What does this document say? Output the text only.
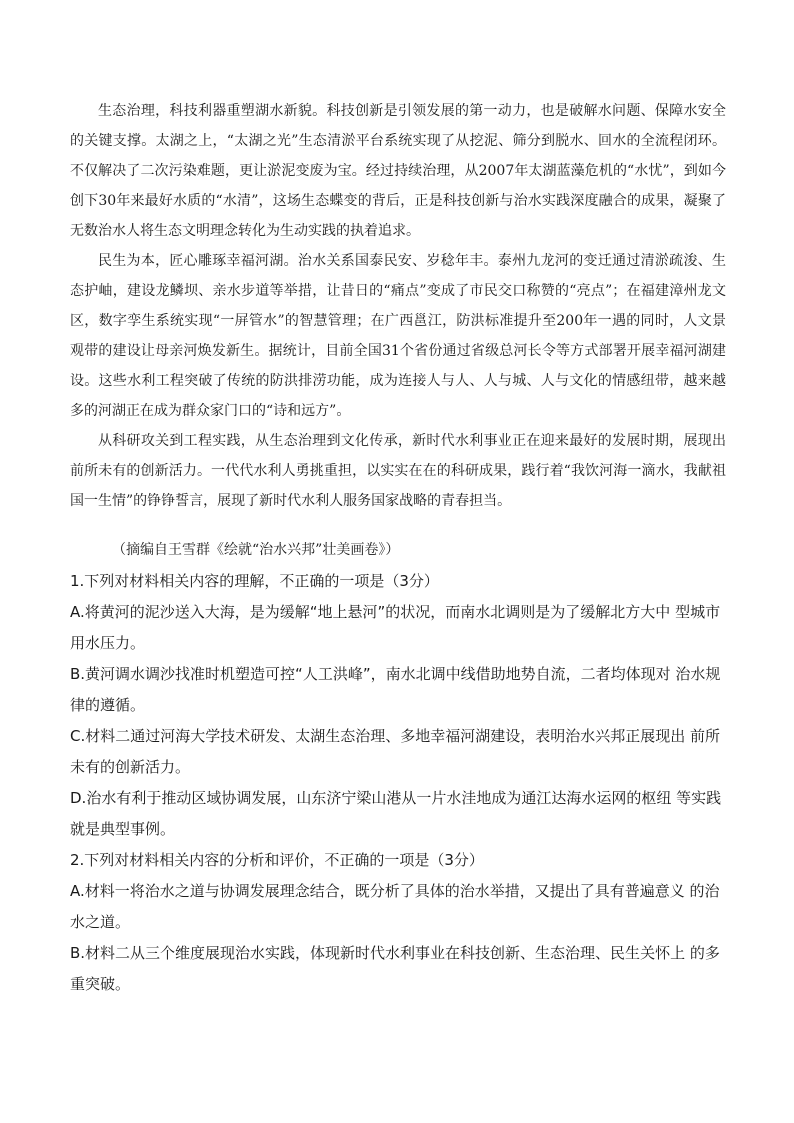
生态治理，科技利器重塑湖水新貌。科技创新是引领发展的第一动力，也是破解水问题、保障水安全的关键支撑。太湖之上，“太湖之光”生态清淤平台系统实现了从挖泥、筛分到脱水、回水的全流程闭环。不仅解决了二次污染难题，更让淤泥变废为宝。经过持续治理，从2007年太湖蓝藻危机的“水忧”，到如今创下30年来最好水质的“水清”，这场生态蝶变的背后，正是科技创新与治水实践深度融合的成果，凝聚了无数治水人将生态文明理念转化为生动实践的执着追求。

民生为本，匠心雕琢幸福河湖。治水关系国泰民安、岁稔年丰。泰州九龙河的变迁通过清淤疏浚、生态护岫，建设龙鳞坝、亲水步道等举措，让昔日的“痛点”变成了市民交口称赞的“亮点”；在福建漳州龙文区，数字孪生系统实现“一屏管水”的智慧管理；在广西邕江，防洪标准提升至200年一遇的同时，人文景观带的建设让母亲河焕发新生。据统计，目前全国31个省份通过省级总河长令等方式部署开展幸福河湖建设。这些水利工程突破了传统的防洪排涝功能，成为连接人与人、人与城、人与文化的情感纽带，越来越多的河湖正在成为群众家门口的“诗和远方”。

从科研攻关到工程实践，从生态治理到文化传承，新时代水利事业正在迎来最好的发展时期，展现出前所未有的创新活力。一代代水利人勇挑重担，以实实在在的科研成果，践行着“我饮河海一滴水，我献祖国一生情”的铮铮誓言，展现了新时代水利人服务国家战略的青春担当。

（摘编自王雪群《绘就“治水兴邦”壮美画卷》）

1.下列对材料相关内容的理解，不正确的一项是（3分）

A.将黄河的泥沙送入大海，是为缓解“地上悬河”的状况，而南水北调则是为了缓解北方大中 型城市用水压力。

B.黄河调水调沙找准时机塑造可控“人工洪峰”，南水北调中线借助地势自流，二者均体现对 治水规律的遵循。

C.材料二通过河海大学技术研发、太湖生态治理、多地幸福河湖建设，表明治水兴邦正展现出 前所未有的创新活力。

D.治水有利于推动区域协调发展，山东济宁梁山港从一片水洼地成为通江达海水运网的枢纽 等实践就是典型事例。

2.下列对材料相关内容的分析和评价，不正确的一项是（3分）

A.材料一将治水之道与协调发展理念结合，既分析了具体的治水举措，又提出了具有普遍意义 的治水之道。

B.材料二从三个维度展现治水实践，体现新时代水利事业在科技创新、生态治理、民生关怀上 的多重突破。
